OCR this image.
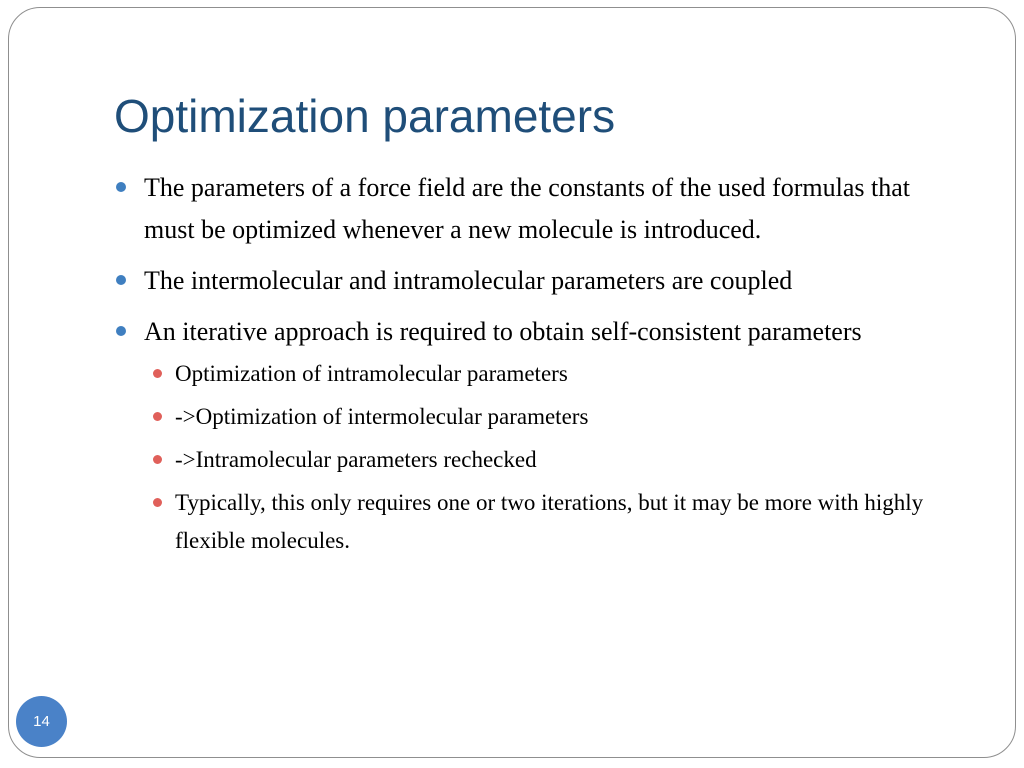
Optimization parameters
The parameters of a force field are the constants of the used formulas that must be optimized whenever a new molecule is introduced.
The intermolecular and intramolecular parameters are coupled
An iterative approach is required to obtain self-consistent parameters
Optimization of intramolecular parameters
->Optimization of intermolecular parameters
->Intramolecular parameters rechecked
Typically, this only requires one or two iterations, but it may be more with highly flexible molecules.
14
